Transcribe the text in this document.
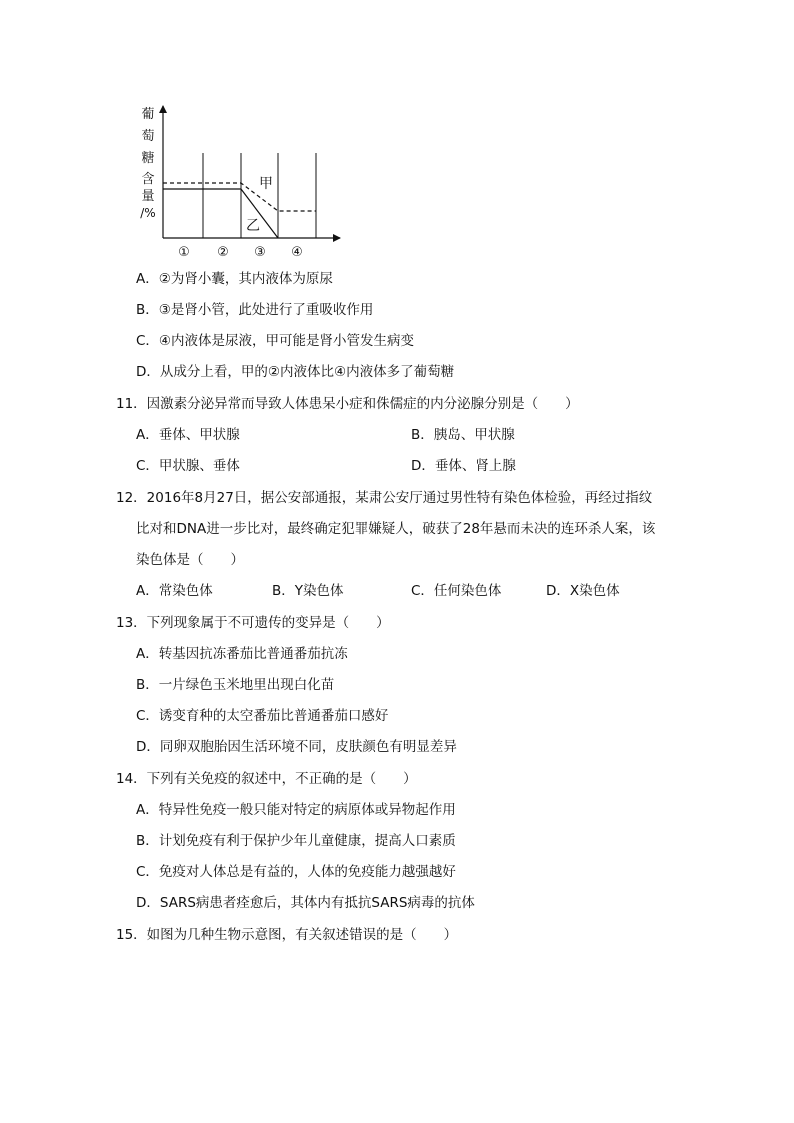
葡
萄
糖
含
量
/%
甲
乙
① ② ③ ④
A．②为肾小囊，其内液体为原尿
B．③是肾小管，此处进行了重吸收作用
C．④内液体是尿液，甲可能是肾小管发生病变
D．从成分上看，甲的②内液体比④内液体多了葡萄糖
11．因激素分泌异常而导致人体患呆小症和侏儒症的内分泌腺分别是（　　）
A．垂体、甲状腺	B．胰岛、甲状腺
C．甲状腺、垂体	D．垂体、肾上腺
12．2016年8月27日，据公安部通报，某肃公安厅通过男性特有染色体检验，再经过指纹
比对和DNA进一步比对，最终确定犯罪嫌疑人，破获了28年悬而未决的连环杀人案，该
染色体是（　　）
A．常染色体	B．Y染色体	C．任何染色体	D．X染色体
13．下列现象属于不可遗传的变异是（　　）
A．转基因抗冻番茄比普通番茄抗冻
B．一片绿色玉米地里出现白化苗
C．诱变育种的太空番茄比普通番茄口感好
D．同卵双胞胎因生活环境不同，皮肤颜色有明显差异
14．下列有关免疫的叙述中，不正确的是（　　）
A．特异性免疫一般只能对特定的病原体或异物起作用
B．计划免疫有利于保护少年儿童健康，提高人口素质
C．免疫对人体总是有益的，人体的免疫能力越强越好
D．SARS病患者痊愈后，其体内有抵抗SARS病毒的抗体
15．如图为几种生物示意图，有关叙述错误的是（　　）
